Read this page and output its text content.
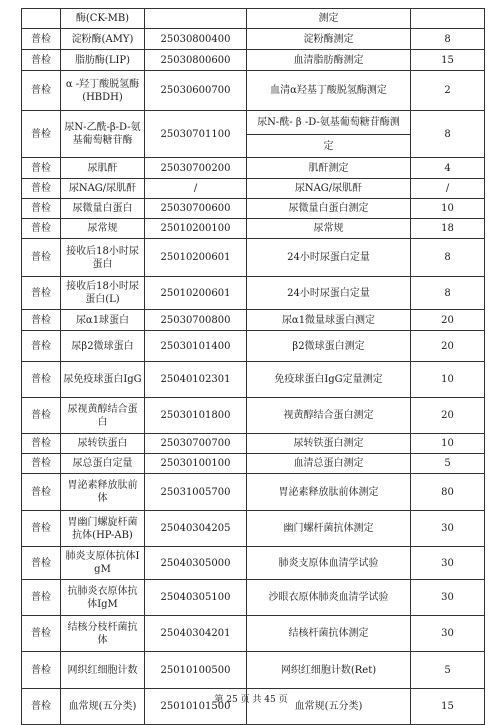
	酶(CK-MB)		测定	
普检	淀粉酶(AMY)	25030800400	淀粉酶测定	8
普检	脂肪酶(LIP)	25030800600	血清脂肪酶测定	15
普检	α -羟丁酸脱氢酶(HBDH)	25030600700	血清α羟基丁酸脱氢酶测定	2
普检	尿N-乙酰-β-D-氨基葡萄糖苷酶	25030701100	尿N-酰- β -D-氨基葡萄糖苷酶测	8
			定	
普检	尿肌酐	25030700200	肌酐测定	4
普检	尿NAG/尿肌酐	/	尿NAG/尿肌酐	/
普检	尿微量白蛋白	25030700600	尿微量白蛋白测定	10
普检	尿常规	25010200100	尿常规	18
普检	接收后18小时尿蛋白	25010200601	24小时尿蛋白定量	8
普检	接收后18小时尿蛋白(L)	25010200601	24小时尿蛋白定量	8
普检	尿α1球蛋白	25030700800	尿α1微量球蛋白测定	20
普检	尿β2微球蛋白	25030101400	β2微球蛋白测定	20
普检	尿免疫球蛋白IgG	25040102301	免疫球蛋白IgG定量测定	10
普检	尿视黄醇结合蛋白	25030101800	视黄醇结合蛋白测定	20
普检	尿转铁蛋白	25030700700	尿转铁蛋白测定	10
普检	尿总蛋白定量	25030100100	血清总蛋白测定	5
普检	胃泌素释放肽前体	25031005700	胃泌素释放肽前体测定	80
普检	胃幽门螺旋杆菌抗体(HP-AB)	25040304205	幽门螺杆菌抗体测定	30
普检	肺炎支原体抗体IgM	25040305000	肺炎支原体血清学试验	30
普检	抗肺炎衣原体抗体IgM	25040305100	沙眼衣原体肺炎血清学试验	30
普检	结核分枝杆菌抗体	25040304201	结核杆菌抗体测定	30
普检	网织红细胞计数	25010100500	网织红细胞计数(Ret)	5
普检	血常规(五分类)	25010101500	血常规(五分类)	15
第 25 页 共 45 页
